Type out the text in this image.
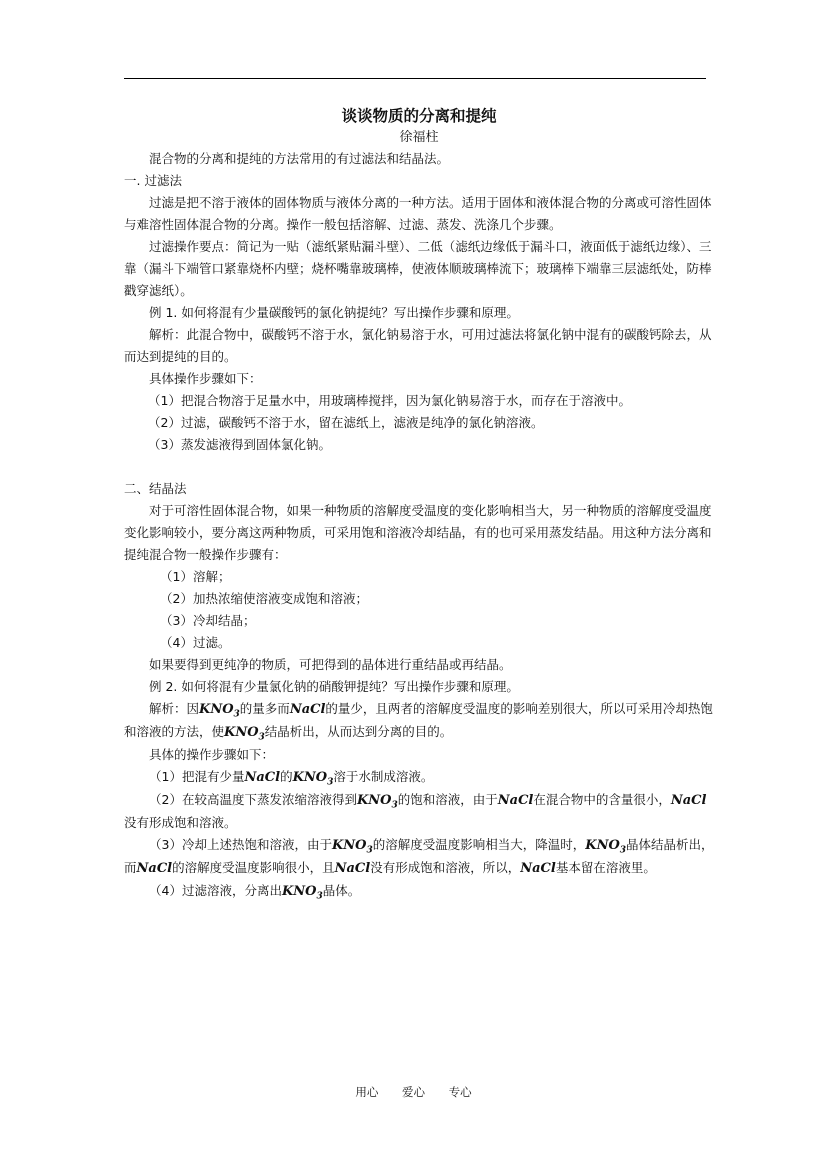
谈谈物质的分离和提纯

徐福柱

混合物的分离和提纯的方法常用的有过滤法和结晶法。

一. 过滤法

过滤是把不溶于液体的固体物质与液体分离的一种方法。适用于固体和液体混合物的分离或可溶性固体与难溶性固体混合物的分离。操作一般包括溶解、过滤、蒸发、洗涤几个步骤。

过滤操作要点：简记为一贴（滤纸紧贴漏斗壁）、二低（滤纸边缘低于漏斗口，液面低于滤纸边缘）、三靠（漏斗下端管口紧靠烧杯内壁；烧杯嘴靠玻璃棒，使液体顺玻璃棒流下；玻璃棒下端靠三层滤纸处，防棒戳穿滤纸）。

例 1. 如何将混有少量碳酸钙的氯化钠提纯？写出操作步骤和原理。

解析：此混合物中，碳酸钙不溶于水，氯化钠易溶于水，可用过滤法将氯化钠中混有的碳酸钙除去，从而达到提纯的目的。

具体操作步骤如下：

（1）把混合物溶于足量水中，用玻璃棒搅拌，因为氯化钠易溶于水，而存在于溶液中。

（2）过滤，碳酸钙不溶于水，留在滤纸上，滤液是纯净的氯化钠溶液。

（3）蒸发滤液得到固体氯化钠。

二、结晶法

对于可溶性固体混合物，如果一种物质的溶解度受温度的变化影响相当大，另一种物质的溶解度受温度变化影响较小，要分离这两种物质，可采用饱和溶液冷却结晶，有的也可采用蒸发结晶。用这种方法分离和提纯混合物一般操作步骤有：

（1）溶解；

（2）加热浓缩使溶液变成饱和溶液；

（3）冷却结晶；

（4）过滤。

如果要得到更纯净的物质，可把得到的晶体进行重结晶或再结晶。

例 2. 如何将混有少量氯化钠的硝酸钾提纯？写出操作步骤和原理。

解析：因$KNO_3$的量多而NaCl的量少，且两者的溶解度受温度的影响差别很大，所以可采用冷却热饱和溶液的方法，使$KNO_3$结晶析出，从而达到分离的目的。

具体的操作步骤如下：

（1）把混有少量NaCl的$KNO_3$溶于水制成溶液。

（2）在较高温度下蒸发浓缩溶液得到$KNO_3$的饱和溶液，由于NaCl在混合物中的含量很小，NaCl没有形成饱和溶液。

（3）冷却上述热饱和溶液，由于$KNO_3$的溶解度受温度影响相当大，降温时，$KNO_3$晶体结晶析出，而NaCl的溶解度受温度影响很小，且NaCl没有形成饱和溶液，所以，NaCl基本留在溶液里。

（4）过滤溶液，分离出$KNO_3$晶体。

用心 爱心 专心
